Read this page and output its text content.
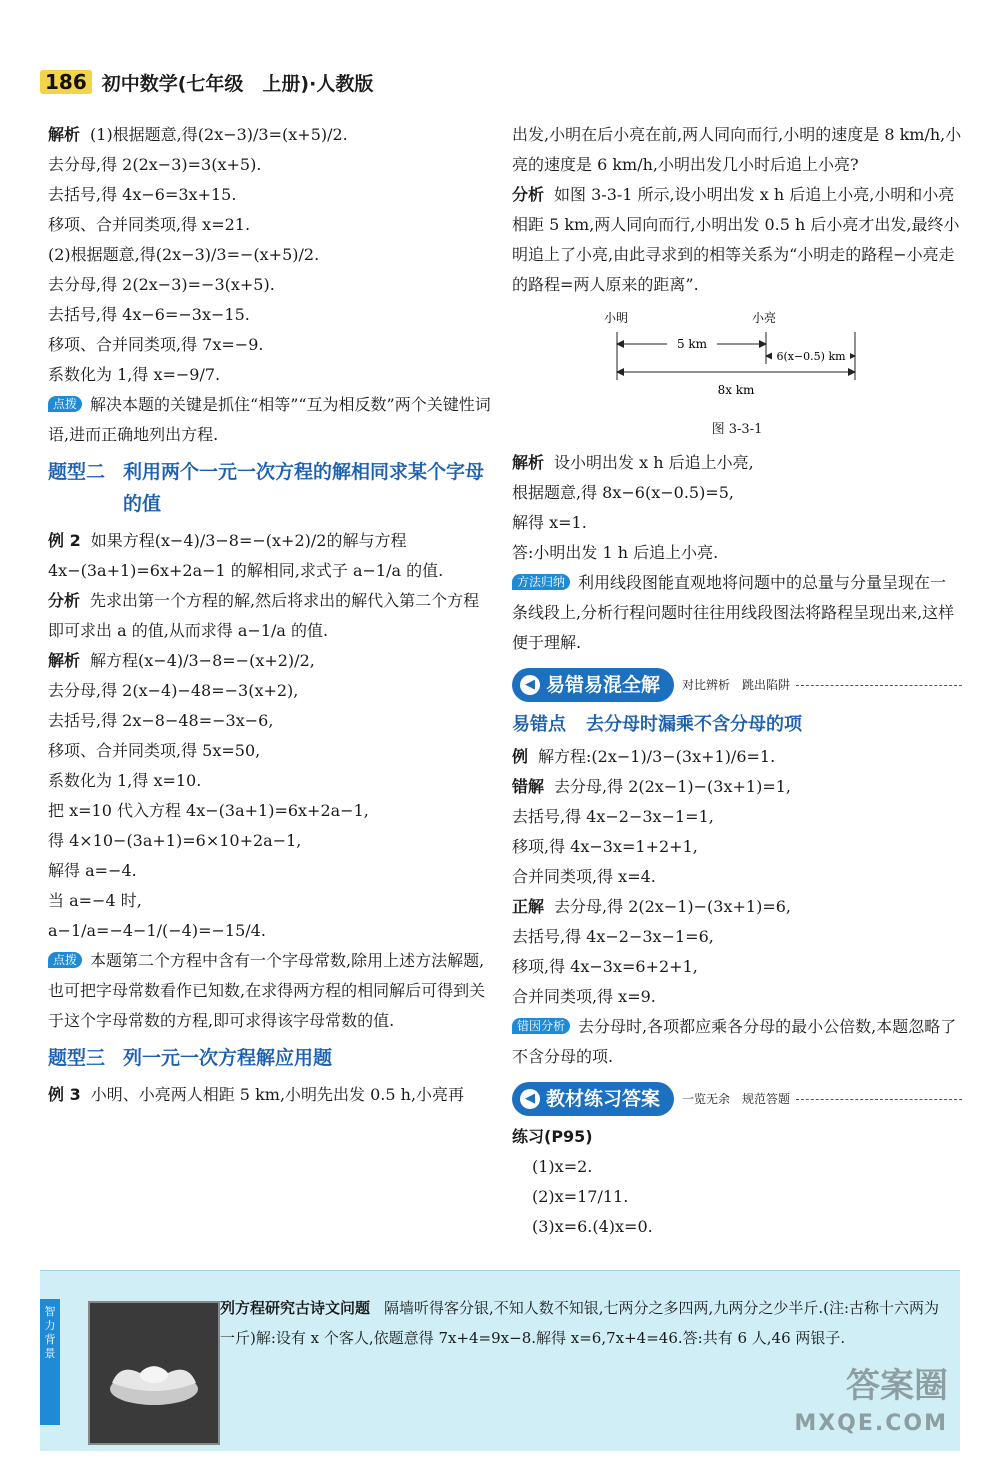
186 初中数学(七年级　上册)·人教版

解析 (1)根据题意,得(2x−3)/3=(x+5)/2.

去分母,得 2(2x−3)=3(x+5).

去括号,得 4x−6=3x+15.

移项、合并同类项,得 x=21.

(2)根据题意,得(2x−3)/3=−(x+5)/2.

去分母,得 2(2x−3)=−3(x+5).

去括号,得 4x−6=−3x−15.

移项、合并同类项,得 7x=−9.

系数化为 1,得 x=−9/7.

点拨 解决本题的关键是抓住“相等”“互为相反数”两个关键性词语,进而正确地列出方程.

题型二 利用两个一元一次方程的解相同求某个字母的值

例 2 如果方程(x−4)/3−8=−(x+2)/2的解与方程 4x−(3a+1)=6x+2a−1 的解相同,求式子 a−1/a 的值.

分析 先求出第一个方程的解,然后将求出的解代入第二个方程即可求出 a 的值,从而求得 a−1/a 的值.

解析 解方程(x−4)/3−8=−(x+2)/2,

去分母,得 2(x−4)−48=−3(x+2),

去括号,得 2x−8−48=−3x−6,

移项、合并同类项,得 5x=50,

系数化为 1,得 x=10.

把 x=10 代入方程 4x−(3a+1)=6x+2a−1,

得 4×10−(3a+1)=6×10+2a−1,

解得 a=−4.

当 a=−4 时,

a−1/a=−4−1/(−4)=−15/4.

点拨 本题第二个方程中含有一个字母常数,除用上述方法解题,也可把字母常数看作已知数,在求得两方程的相同解后可得到关于这个字母常数的方程,即可求得该字母常数的值.

题型三 列一元一次方程解应用题

例 3 小明、小亮两人相距 5 km,小明先出发 0.5 h,小亮再

出发,小明在后小亮在前,两人同向而行,小明的速度是 8 km/h,小亮的速度是 6 km/h,小明出发几小时后追上小亮?

分析 如图 3-3-1 所示,设小明出发 x h 后追上小亮,小明和小亮相距 5 km,两人同向而行,小明出发 0.5 h 后小亮才出发,最终小明追上了小亮,由此寻求到的相等关系为“小明走的路程−小亮走的路程=两人原来的距离”.

小明	小亮
5 km
6(x−0.5) km
8x km

图 3-3-1

解析 设小明出发 x h 后追上小亮,

根据题意,得 8x−6(x−0.5)=5,

解得 x=1.

答:小明出发 1 h 后追上小亮.

方法归纳 利用线段图能直观地将问题中的总量与分量呈现在一条线段上,分析行程问题时往往用线段图法将路程呈现出来,这样便于理解.

◀ 易错易混全解 对比辨析　跳出陷阱
易错点 去分母时漏乘不含分母的项

例 解方程:(2x−1)/3−(3x+1)/6=1.

错解 去分母,得 2(2x−1)−(3x+1)=1,

去括号,得 4x−2−3x−1=1,

移项,得 4x−3x=1+2+1,

合并同类项,得 x=4.

正解 去分母,得 2(2x−1)−(3x+1)=6,

去括号,得 4x−2−3x−1=6,

移项,得 4x−3x=6+2+1,

合并同类项,得 x=9.

错因分析 去分母时,各项都应乘各分母的最小公倍数,本题忽略了不含分母的项.

◀ 教材练习答案 一览无余　规范答题

练习(P95)

(1)x=2.

(2)x=17/11.

(3)x=6.(4)x=0.

智力背景
列方程研究古诗文问题 隔墙听得客分银,不知人数不知银,七两分之多四两,九两分之少半斤.(注:古称十六两为一斤)解:设有 x 个客人,依题意得 7x+4=9x−8.解得 x=6,7x+4=46.答:共有 6 人,46 两银子.
答案圈
MXQE.COM
